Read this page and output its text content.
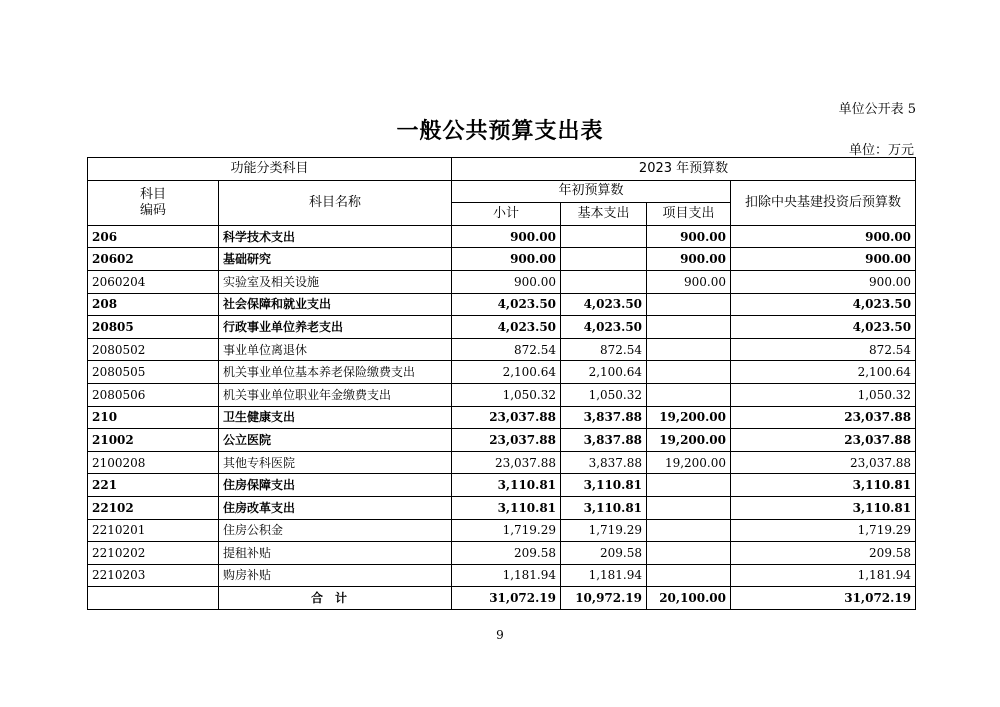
单位公开表 5
一般公共预算支出表
单位：万元
功能分类科目		2023 年预算数			
科目
编码	科目名称	年初预算数			扣除中央基建投资后预算数
		小计	基本支出	项目支出	
206	科学技术支出	900.00		900.00	900.00
20602	基础研究	900.00		900.00	900.00
2060204	实验室及相关设施	900.00		900.00	900.00
208	社会保障和就业支出	4,023.50	4,023.50		4,023.50
20805	行政事业单位养老支出	4,023.50	4,023.50		4,023.50
2080502	事业单位离退休	872.54	872.54		872.54
2080505	机关事业单位基本养老保险缴费支出	2,100.64	2,100.64		2,100.64
2080506	机关事业单位职业年金缴费支出	1,050.32	1,050.32		1,050.32
210	卫生健康支出	23,037.88	3,837.88	19,200.00	23,037.88
21002	公立医院	23,037.88	3,837.88	19,200.00	23,037.88
2100208	其他专科医院	23,037.88	3,837.88	19,200.00	23,037.88
221	住房保障支出	3,110.81	3,110.81		3,110.81
22102	住房改革支出	3,110.81	3,110.81		3,110.81
2210201	住房公积金	1,719.29	1,719.29		1,719.29
2210202	提租补贴	209.58	209.58		209.58
2210203	购房补贴	1,181.94	1,181.94		1,181.94
	合计	31,072.19	10,972.19	20,100.00	31,072.19
9
